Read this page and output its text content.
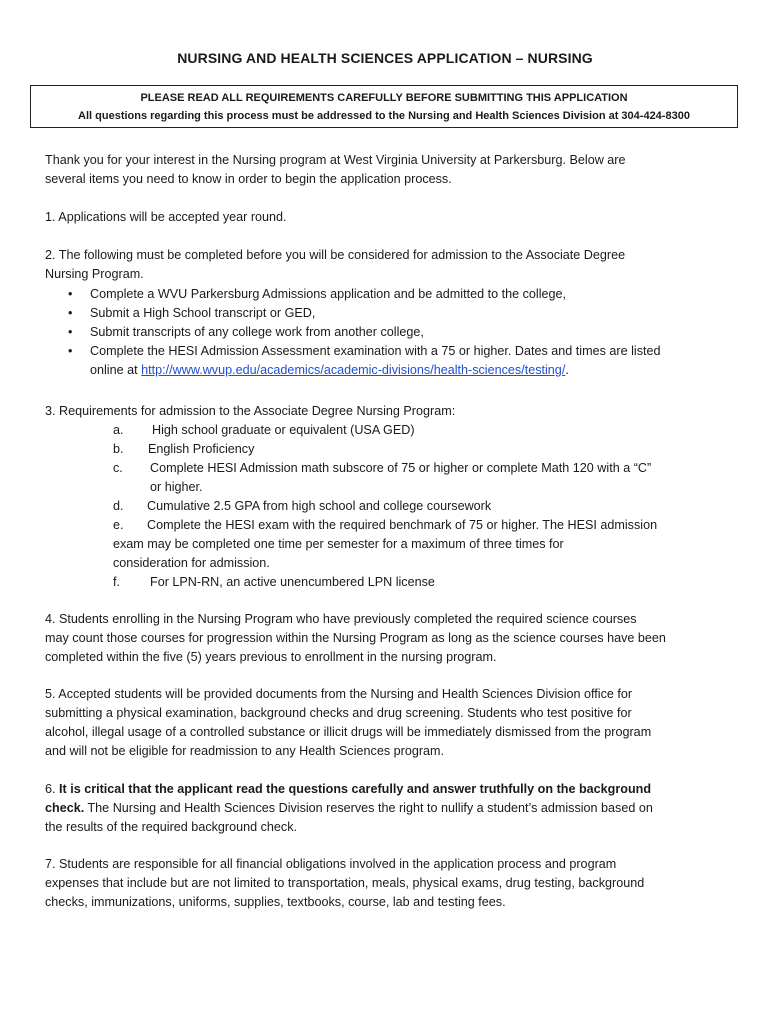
NURSING AND HEALTH SCIENCES APPLICATION – NURSING
PLEASE READ ALL REQUIREMENTS CAREFULLY BEFORE SUBMITTING THIS APPLICATION
All questions regarding this process must be addressed to the Nursing and Health Sciences Division at 304-424-8300
Thank you for your interest in the Nursing program at West Virginia University at Parkersburg. Below are
several items you need to know in order to begin the application process.
1. Applications will be accepted year round.
2. The following must be completed before you will be considered for admission to the Associate Degree
Nursing Program.
• Complete a WVU Parkersburg Admissions application and be admitted to the college,
• Submit a High School transcript or GED,
• Submit transcripts of any college work from another college,
• Complete the HESI Admission Assessment examination with a 75 or higher. Dates and times are listed
online at http://www.wvup.edu/academics/academic-divisions/health-sciences/testing/.
3. Requirements for admission to the Associate Degree Nursing Program:
a. High school graduate or equivalent (USA GED)
b. English Proficiency
c. Complete HESI Admission math subscore of 75 or higher or complete Math 120 with a “C”
or higher.
d. Cumulative 2.5 GPA from high school and college coursework
e. Complete the HESI exam with the required benchmark of 75 or higher. The HESI admission
exam may be completed one time per semester for a maximum of three times for
consideration for admission.
f. For LPN-RN, an active unencumbered LPN license
4. Students enrolling in the Nursing Program who have previously completed the required science courses
may count those courses for progression within the Nursing Program as long as the science courses have been
completed within the five (5) years previous to enrollment in the nursing program.
5. Accepted students will be provided documents from the Nursing and Health Sciences Division office for
submitting a physical examination, background checks and drug screening. Students who test positive for
alcohol, illegal usage of a controlled substance or illicit drugs will be immediately dismissed from the program
and will not be eligible for readmission to any Health Sciences program.
6. It is critical that the applicant read the questions carefully and answer truthfully on the background
check. The Nursing and Health Sciences Division reserves the right to nullify a student’s admission based on
the results of the required background check.
7. Students are responsible for all financial obligations involved in the application process and program
expenses that include but are not limited to transportation, meals, physical exams, drug testing, background
checks, immunizations, uniforms, supplies, textbooks, course, lab and testing fees.
